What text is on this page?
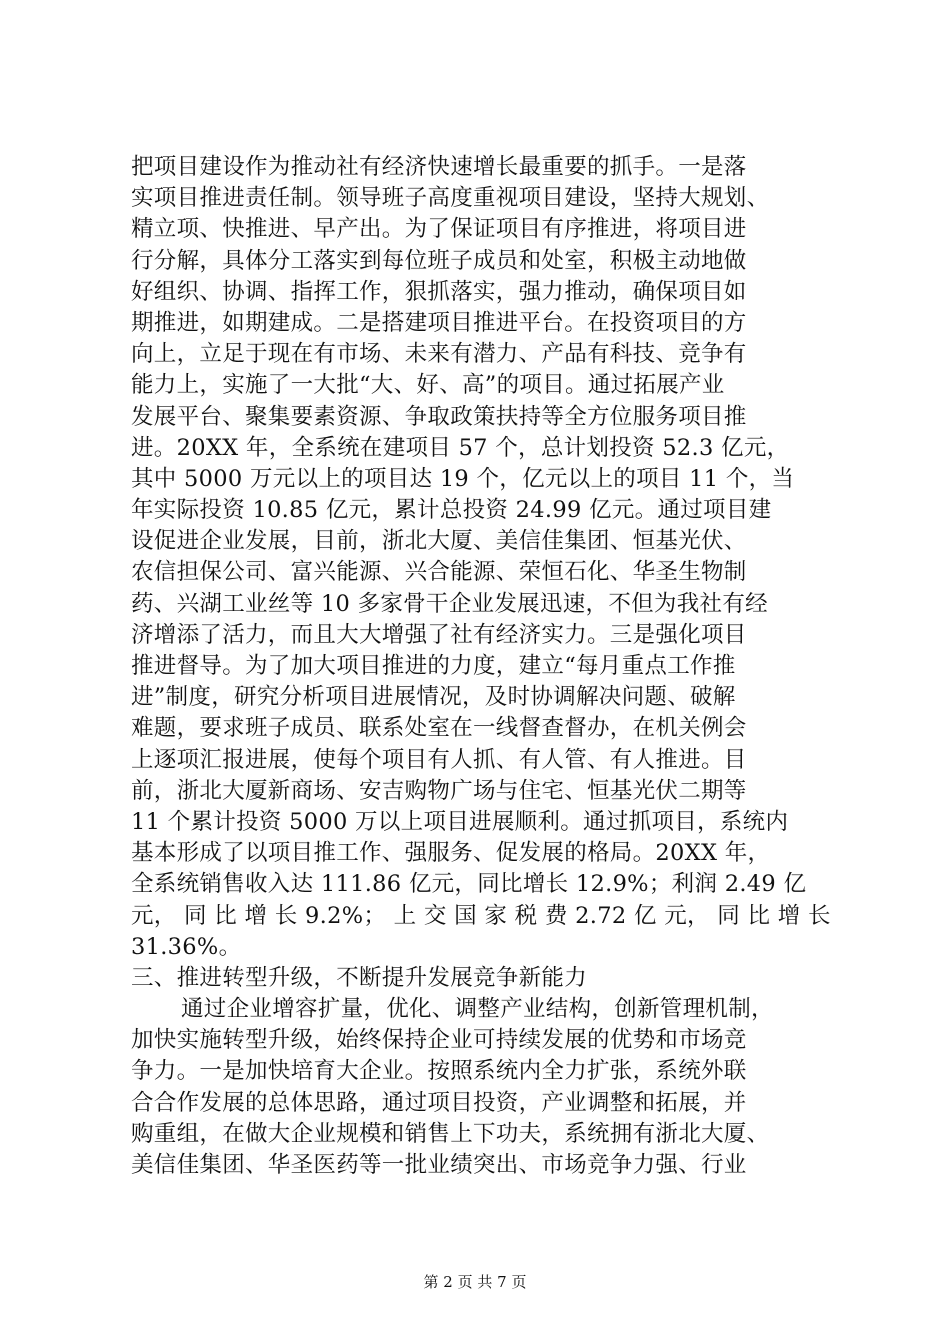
把项目建设作为推动社有经济快速增长最重要的抓手。一是落
实项目推进责任制。领导班子高度重视项目建设，坚持大规划、
精立项、快推进、早产出。为了保证项目有序推进，将项目进
行分解，具体分工落实到每位班子成员和处室，积极主动地做
好组织、协调、指挥工作，狠抓落实，强力推动，确保项目如
期推进，如期建成。二是搭建项目推进平台。在投资项目的方
向上，立足于现在有市场、未来有潜力、产品有科技、竞争有
能力上，实施了一大批“大、好、高”的项目。通过拓展产业
发展平台、聚集要素资源、争取政策扶持等全方位服务项目推
进。20XX 年，全系统在建项目 57 个，总计划投资 52.3 亿元，
其中 5000 万元以上的项目达 19 个，亿元以上的项目 11 个，当
年实际投资 10.85 亿元，累计总投资 24.99 亿元。通过项目建
设促进企业发展，目前，浙北大厦、美信佳集团、恒基光伏、
农信担保公司、富兴能源、兴合能源、荣恒石化、华圣生物制
药、兴湖工业丝等 10 多家骨干企业发展迅速，不但为我社有经
济增添了活力，而且大大增强了社有经济实力。三是强化项目
推进督导。为了加大项目推进的力度，建立“每月重点工作推
进”制度，研究分析项目进展情况，及时协调解决问题、破解
难题，要求班子成员、联系处室在一线督查督办，在机关例会
上逐项汇报进展，使每个项目有人抓、有人管、有人推进。目
前，浙北大厦新商场、安吉购物广场与住宅、恒基光伏二期等
11 个累计投资 5000 万以上项目进展顺利。通过抓项目，系统内
基本形成了以项目推工作、强服务、促发展的格局。20XX 年，
全系统销售收入达 111.86 亿元，同比增长 12.9%；利润 2.49 亿
元， 同 比 增 长 9.2%； 上 交 国 家 税 费 2.72 亿 元， 同 比 增 长
31.36%。
三、推进转型升级，不断提升发展竞争新能力
通过企业增容扩量，优化、调整产业结构，创新管理机制，
加快实施转型升级，始终保持企业可持续发展的优势和市场竞
争力。一是加快培育大企业。按照系统内全力扩张，系统外联
合合作发展的总体思路，通过项目投资，产业调整和拓展，并
购重组，在做大企业规模和销售上下功夫，系统拥有浙北大厦、
美信佳集团、华圣医药等一批业绩突出、市场竞争力强、行业
第 2 页 共 7 页
